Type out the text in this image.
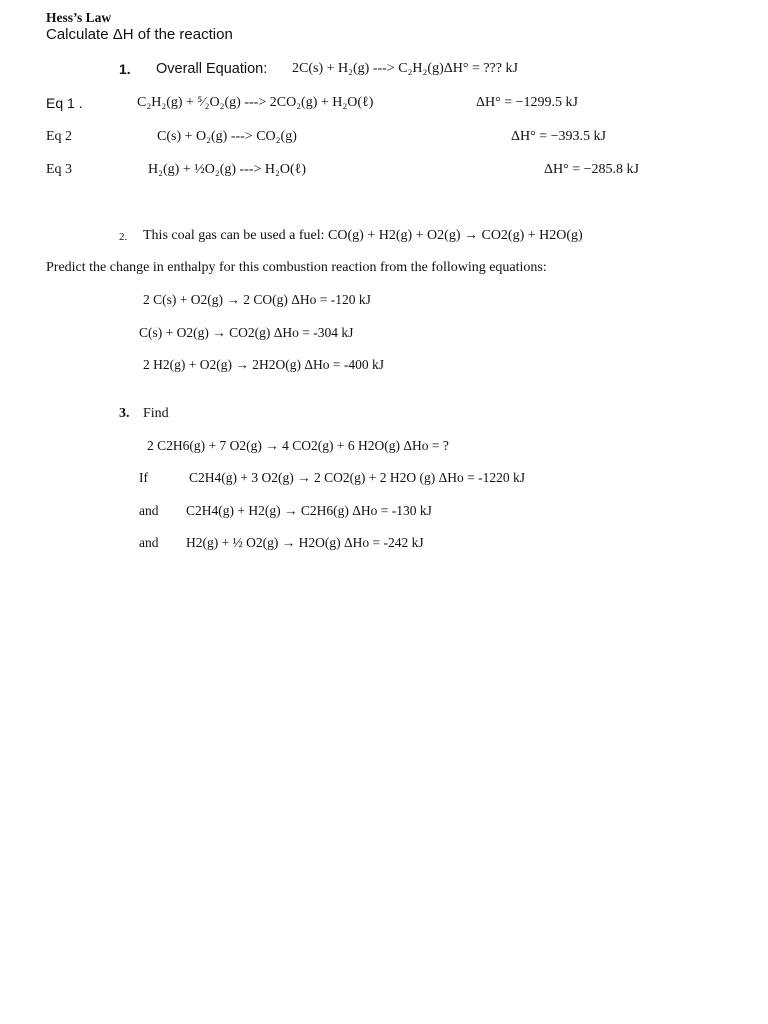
Hess’s Law
Calculate ΔH of the reaction
1. Overall Equation: 2C(s) + H₂(g) ---> C₂H₂(g)ΔH° = ??? kJ
Eq 1 .	C₂H₂(g) + ⁵⁄₂O₂(g) ---> 2CO₂(g) + H₂O(ℓ)	ΔH° = −1299.5 kJ
Eq 2	C(s) + O₂(g) ---> CO₂(g)	ΔH° = −393.5 kJ
Eq 3	H₂(g) + ½O₂(g) ---> H₂O(ℓ)	ΔH° = −285.8 kJ
2. This coal gas can be used a fuel: CO(g) + H2(g) + O2(g) → CO2(g) + H2O(g)
Predict the change in enthalpy for this combustion reaction from the following equations:
2 C(s) + O2(g) → 2 CO(g) ΔHo = -120 kJ
C(s) + O2(g) → CO2(g) ΔHo = -304 kJ
2 H2(g) + O2(g) → 2H2O(g) ΔHo = -400 kJ
3. Find
2 C2H6(g) + 7 O2(g) → 4 CO2(g) + 6 H2O(g) ΔHo = ?
If	C2H4(g) + 3 O2(g) → 2 CO2(g) + 2 H2O (g) ΔHo = -1220 kJ
and C2H4(g) + H2(g) → C2H6(g) ΔHo = -130 kJ
and H2(g) + ½ O2(g) → H2O(g) ΔHo = -242 kJ
